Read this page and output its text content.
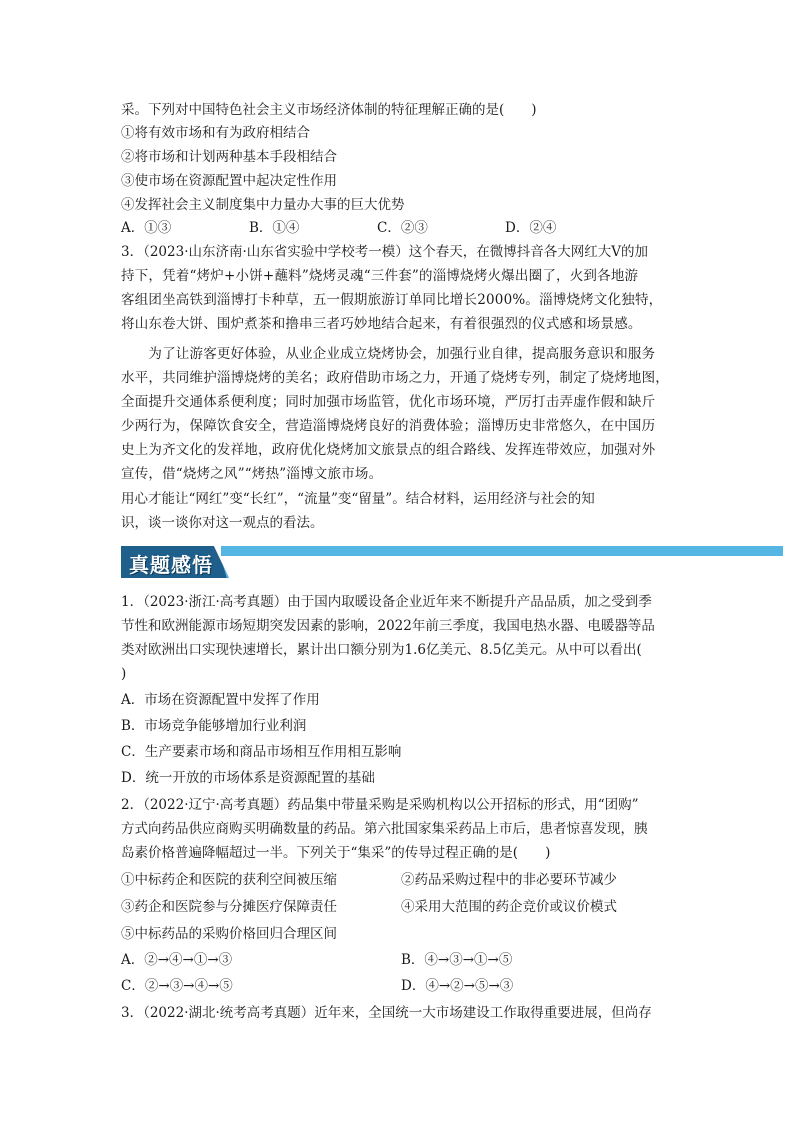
采。下列对中国特色社会主义市场经济体制的特征理解正确的是(　　)
①将有效市场和有为政府相结合
②将市场和计划两种基本手段相结合
③使市场在资源配置中起决定性作用
④发挥社会主义制度集中力量办大事的巨大优势
A．①③	B．①④	C．②③	D．②④
3．（2023·山东济南·山东省实验中学校考一模）这个春天，在微博抖音各大网红大V的加
持下，凭着“烤炉+小饼+蘸料”烧烤灵魂“三件套”的淄博烧烤火爆出圈了，火到各地游
客组团坐高铁到淄博打卡种草，五一假期旅游订单同比增长2000%。淄博烧烤文化独特，
将山东卷大饼、围炉煮茶和撸串三者巧妙地结合起来，有着很强烈的仪式感和场景感。
　　为了让游客更好体验，从业企业成立烧烤协会，加强行业自律，提高服务意识和服务
水平，共同维护淄博烧烤的美名；政府借助市场之力，开通了烧烤专列，制定了烧烤地图，
全面提升交通体系便利度；同时加强市场监管，优化市场环境，严厉打击弄虚作假和缺斤
少两行为，保障饮食安全，营造淄博烧烤良好的消费体验；淄博历史非常悠久，在中国历
史上为齐文化的发祥地，政府优化烧烤加文旅景点的组合路线、发挥连带效应，加强对外
宣传，借“烧烤之风”“烤热”淄博文旅市场。
用心才能让“网红”变“长红”，“流量”变“留量”。结合材料，运用经济与社会的知
识，谈一谈你对这一观点的看法。
真题感悟
1．（2023·浙江·高考真题）由于国内取暖设备企业近年来不断提升产品品质，加之受到季
节性和欧洲能源市场短期突发因素的影响，2022年前三季度，我国电热水器、电暖器等品
类对欧洲出口实现快速增长，累计出口额分别为1.6亿美元、8.5亿美元。从中可以看出(
)
A．市场在资源配置中发挥了作用
B．市场竞争能够增加行业利润
C．生产要素市场和商品市场相互作用相互影响
D．统一开放的市场体系是资源配置的基础
2．（2022·辽宁·高考真题）药品集中带量采购是采购机构以公开招标的形式，用“团购”
方式向药品供应商购买明确数量的药品。第六批国家集采药品上市后，患者惊喜发现，胰
岛素价格普遍降幅超过一半。下列关于“集采”的传导过程正确的是(　　)
①中标药企和医院的获利空间被压缩	②药品采购过程中的非必要环节减少
③药企和医院参与分摊医疗保障责任	④采用大范围的药企竞价或议价模式
⑤中标药品的采购价格回归合理区间
A．②→④→①→③	B．④→③→①→⑤
C．②→③→④→⑤	D．④→②→⑤→③
3．（2022·湖北·统考高考真题）近年来，全国统一大市场建设工作取得重要进展，但尚存
